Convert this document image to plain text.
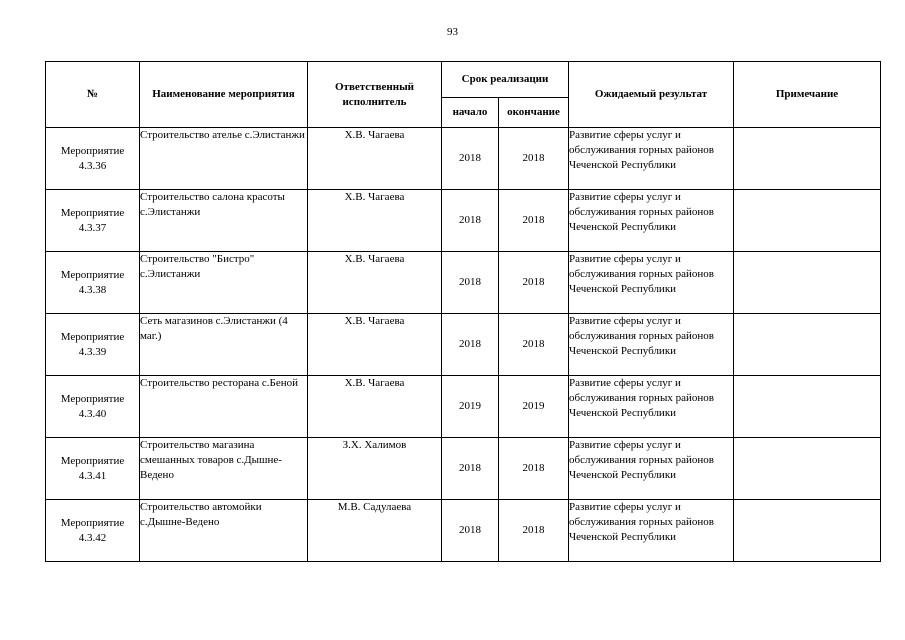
93
№	Наименование мероприятия	Ответственный исполнитель	Срок реализации		Ожидаемый результат	Примечание
			начало	окончание		
Мероприятие 4.3.36	Строительство ателье с.Элистанжи	Х.В. Чагаева	2018	2018	Развитие сферы услуг и обслуживания горных районов Чеченской Республики	
Мероприятие 4.3.37	Строительство салона красоты с.Элистанжи	Х.В. Чагаева	2018	2018	Развитие сферы услуг и обслуживания горных районов Чеченской Республики	
Мероприятие 4.3.38	Строительство "Бистро" с.Элистанжи	Х.В. Чагаева	2018	2018	Развитие сферы услуг и обслуживания горных районов Чеченской Республики	
Мероприятие 4.3.39	Сеть магазинов с.Элистанжи (4 маг.)	Х.В. Чагаева	2018	2018	Развитие сферы услуг и обслуживания горных районов Чеченской Республики	
Мероприятие 4.3.40	Строительство ресторана с.Беной	Х.В. Чагаева	2019	2019	Развитие сферы услуг и обслуживания горных районов Чеченской Республики	
Мероприятие 4.3.41	Строительство магазина смешанных товаров с.Дышне-Ведено	З.Х. Халимов	2018	2018	Развитие сферы услуг и обслуживания горных районов Чеченской Республики	
Мероприятие 4.3.42	Строительство автомойки с.Дышне-Ведено	М.В. Садулаева	2018	2018	Развитие сферы услуг и обслуживания горных районов Чеченской Республики	
